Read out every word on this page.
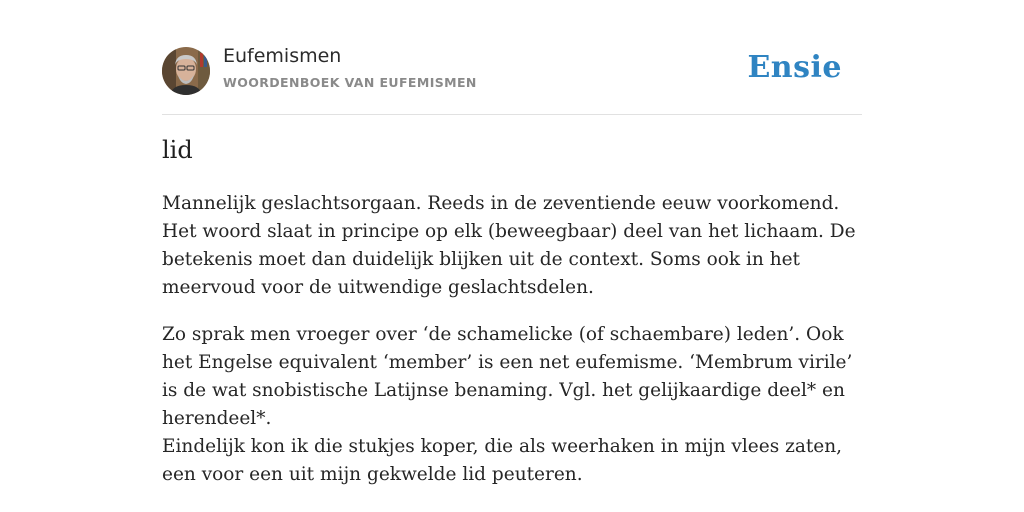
Eufemismen
WOORDENBOEK VAN EUFEMISMEN	Ensie
lid
Mannelijk geslachtsorgaan. Reeds in de zeventiende eeuw voorkomend. Het woord slaat in principe op elk (beweegbaar) deel van het lichaam. De betekenis moet dan duidelijk blijken uit de context. Soms ook in het meervoud voor de uitwendige geslachtsdelen.
Zo sprak men vroeger over ‘de schamelicke (of schaembare) leden’. Ook het Engelse equivalent ‘member’ is een net eufemisme. ‘Membrum virile’ is de wat snobistische Latijnse benaming. Vgl. het gelijkaardige deel* en herendeel*.
Eindelijk kon ik die stukjes koper, die als weerhaken in mijn vlees zaten, een voor een uit mijn gekwelde lid peuteren.
